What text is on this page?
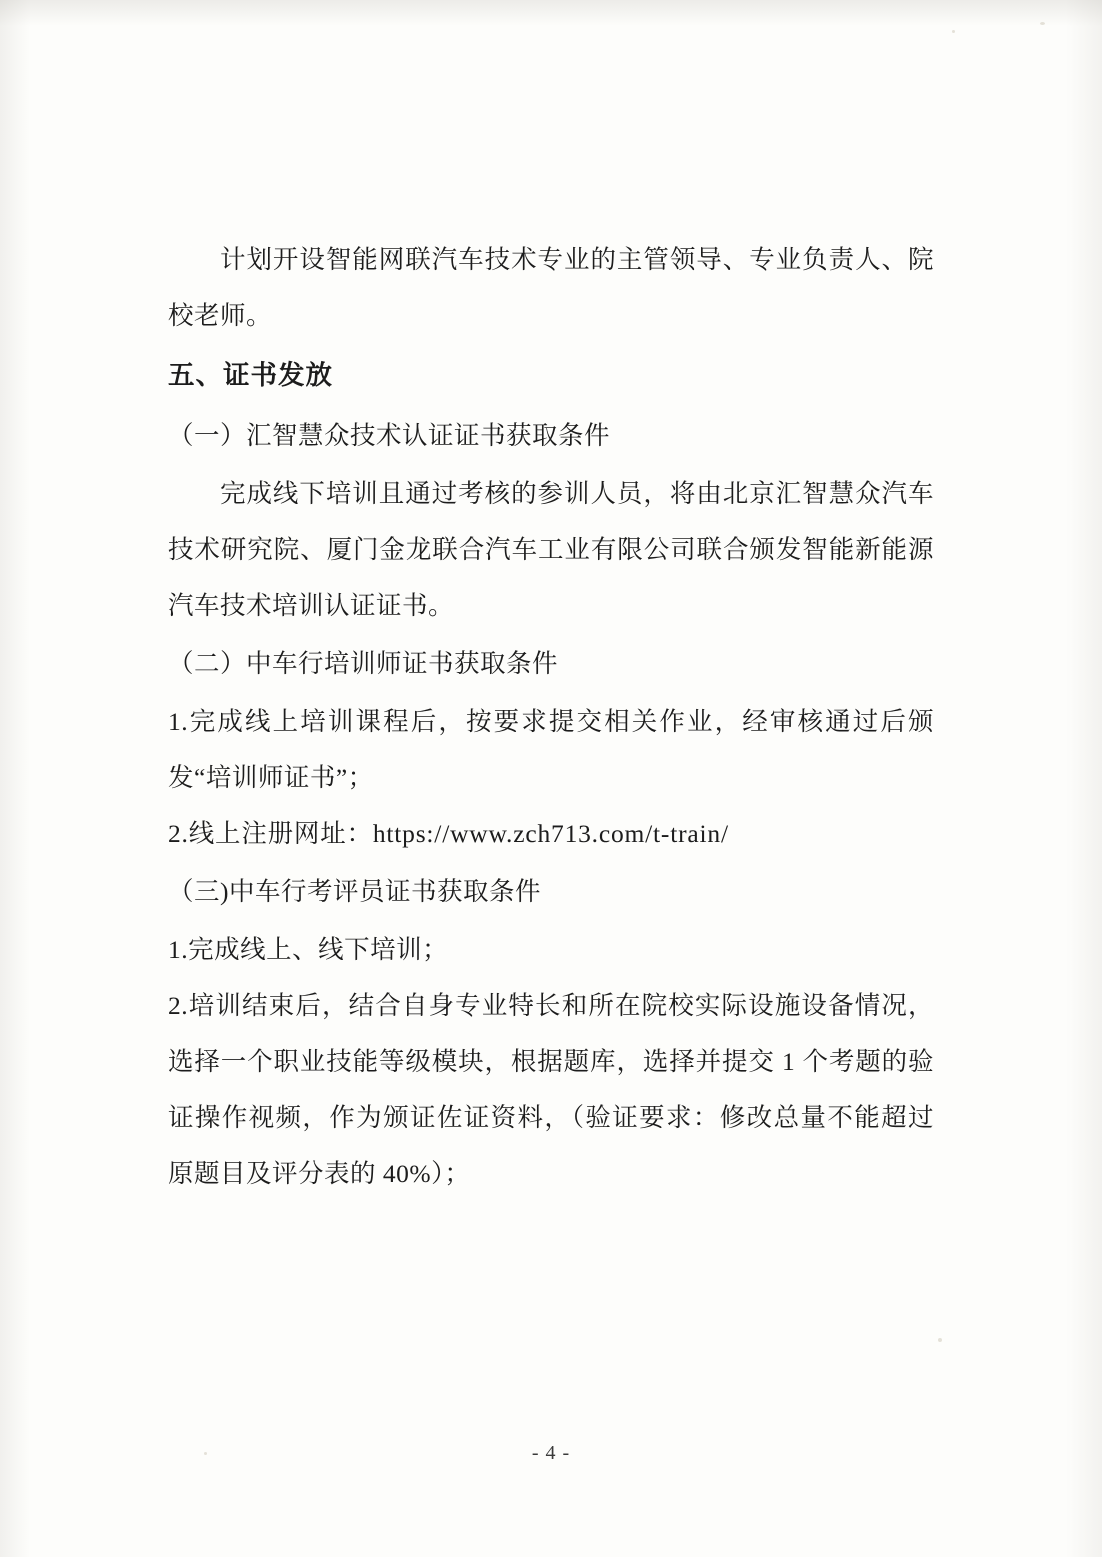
计划开设智能网联汽车技术专业的主管领导、专业负责人、院校老师。

五、证书发放

（一）汇智慧众技术认证证书获取条件

完成线下培训且通过考核的参训人员，将由北京汇智慧众汽车技术研究院、厦门金龙联合汽车工业有限公司联合颁发智能新能源汽车技术培训认证证书。

（二）中车行培训师证书获取条件

1.完成线上培训课程后，按要求提交相关作业，经审核通过后颁发“培训师证书”；

2.线上注册网址：https://www.zch713.com/t-train/

（三)中车行考评员证书获取条件

1.完成线上、线下培训；

2.培训结束后，结合自身专业特长和所在院校实际设施设备情况，选择一个职业技能等级模块，根据题库，选择并提交 1 个考题的验证操作视频，作为颁证佐证资料，（验证要求：修改总量不能超过原题目及评分表的 40%）；

- 4 -
